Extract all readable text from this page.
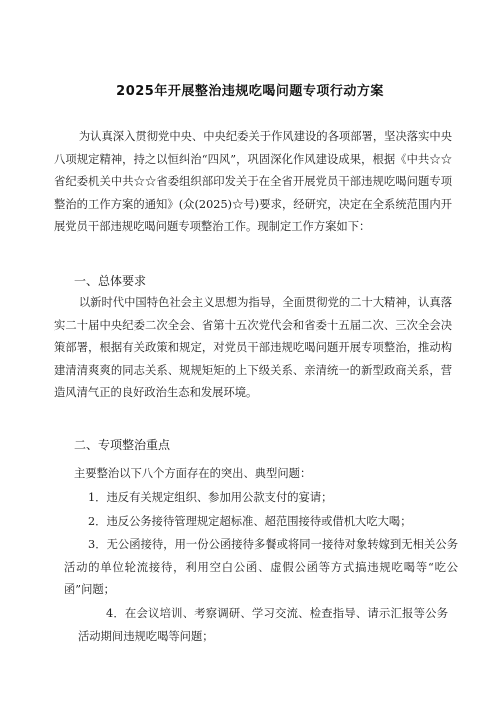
2025年开展整治违规吃喝问题专项行动方案
为认真深入贯彻党中央、中央纪委关于作风建设的各项部署，坚决落实中央八项规定精神，持之以恒纠治“四风”，巩固深化作风建设成果，根据《中共☆☆省纪委机关中共☆☆省委组织部印发关于在全省开展党员干部违规吃喝问题专项整治的工作方案的通知》(众(2025)☆号)要求，经研究，决定在全系统范围内开展党员干部违规吃喝问题专项整治工作。现制定工作方案如下：
一、总体要求
以新时代中国特色社会主义思想为指导，全面贯彻党的二十大精神，认真落实二十届中央纪委二次全会、省第十五次党代会和省委十五届二次、三次全会决策部署，根据有关政策和规定，对党员干部违规吃喝问题开展专项整治，推动构建清清爽爽的同志关系、规规矩矩的上下级关系、亲清统一的新型政商关系，营造风清气正的良好政治生态和发展环境。
二、专项整治重点
主要整治以下八个方面存在的突出、典型问题：
1．违反有关规定组织、参加用公款支付的宴请；
2．违反公务接待管理规定超标准、超范围接待或借机大吃大喝；
3．无公函接待，用一份公函接待多餐或将同一接待对象转嫁到无相关公务活动的单位轮流接待，利用空白公函、虚假公函等方式搞违规吃喝等“吃公函”问题；
4．在会议培训、考察调研、学习交流、检查指导、请示汇报等公务活动期间违规吃喝等问题；
